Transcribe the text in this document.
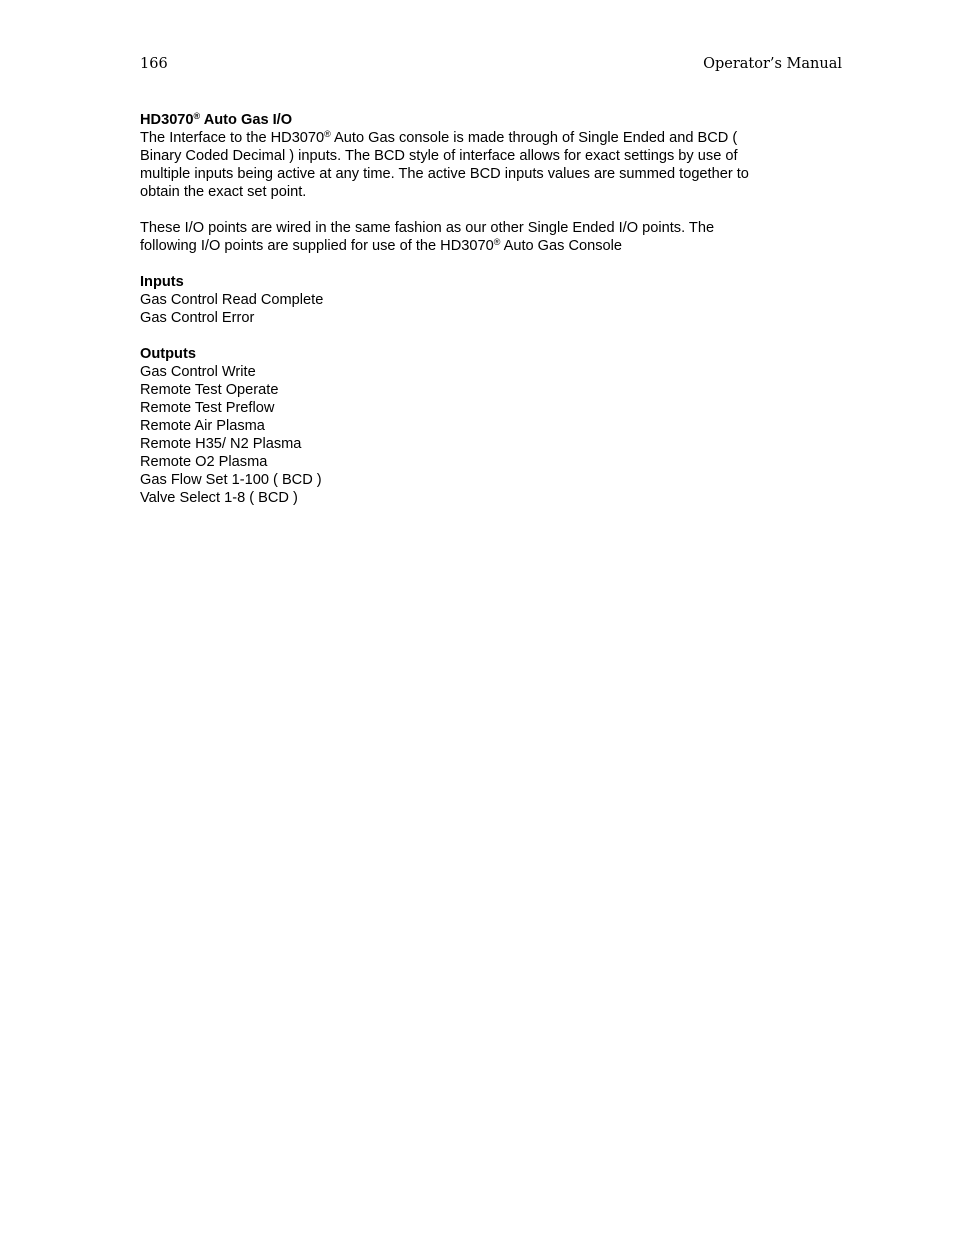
166	Operator’s Manual

HD3070® Auto Gas I/O

The Interface to the HD3070® Auto Gas console is made through of Single Ended and BCD (
Binary Coded Decimal ) inputs. The BCD style of interface allows for exact settings by use of
multiple inputs being active at any time. The active BCD inputs values are summed together to
obtain the exact set point.

These I/O points are wired in the same fashion as our other Single Ended I/O points. The
following I/O points are supplied for use of the HD3070® Auto Gas Console

Inputs

Gas Control Read Complete
Gas Control Error

Outputs

Gas Control Write
Remote Test Operate
Remote Test Preflow
Remote Air Plasma
Remote H35/ N2 Plasma
Remote O2 Plasma
Gas Flow Set 1-100 ( BCD )
Valve Select 1-8 ( BCD )
